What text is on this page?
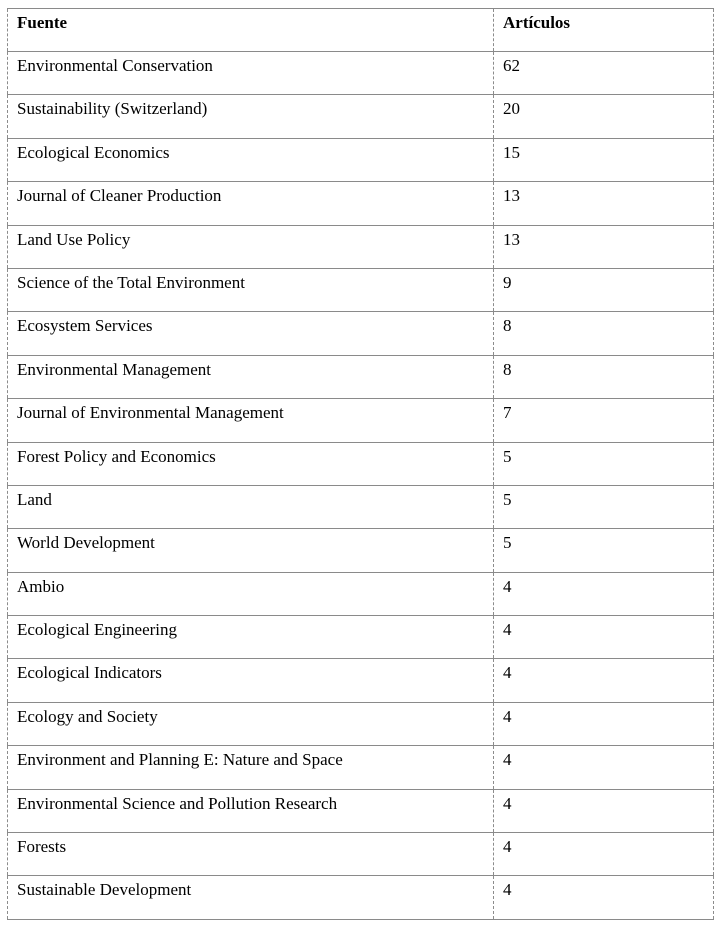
Fuente	Artículos
Environmental Conservation	62
Sustainability (Switzerland)	20
Ecological Economics	15
Journal of Cleaner Production	13
Land Use Policy	13
Science of the Total Environment	9
Ecosystem Services	8
Environmental Management	8
Journal of Environmental Management	7
Forest Policy and Economics	5
Land	5
World Development	5
Ambio	4
Ecological Engineering	4
Ecological Indicators	4
Ecology and Society	4
Environment and Planning E: Nature and Space	4
Environmental Science and Pollution Research	4
Forests	4
Sustainable Development	4
